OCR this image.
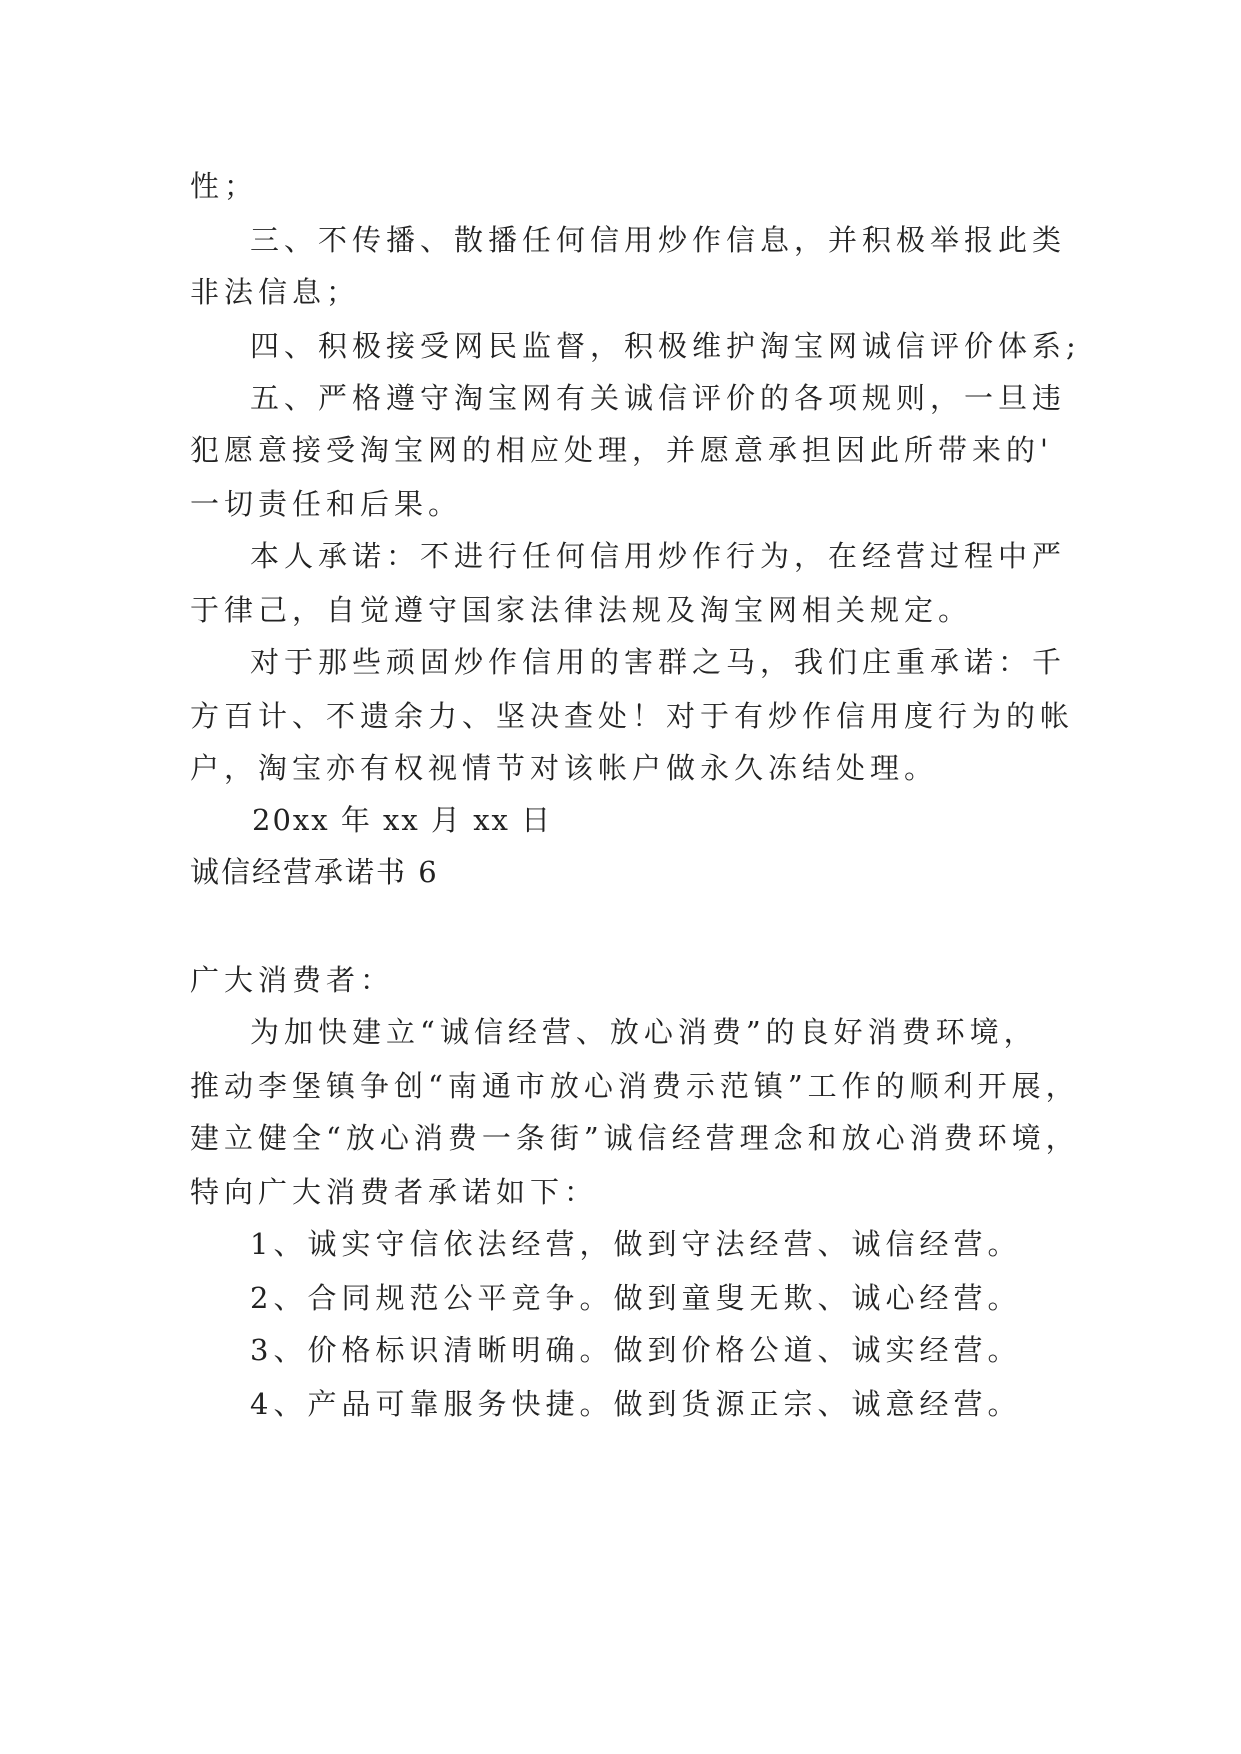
性；
三、不传播、散播任何信用炒作信息，并积极举报此类
非法信息；
四、积极接受网民监督，积极维护淘宝网诚信评价体系;
五、严格遵守淘宝网有关诚信评价的各项规则，一旦违
犯愿意接受淘宝网的相应处理，并愿意承担因此所带来的'
一切责任和后果。
本人承诺：不进行任何信用炒作行为，在经营过程中严
于律己，自觉遵守国家法律法规及淘宝网相关规定。
对于那些顽固炒作信用的害群之马，我们庄重承诺：千
方百计、不遗余力、坚决查处！对于有炒作信用度行为的帐
户，淘宝亦有权视情节对该帐户做永久冻结处理。
20xx 年 xx 月 xx 日
诚信经营承诺书 6
广大消费者：
为加快建立“诚信经营、放心消费”的良好消费环境，
推动李堡镇争创“南通市放心消费示范镇”工作的顺利开展，
建立健全“放心消费一条街”诚信经营理念和放心消费环境，
特向广大消费者承诺如下：
1、诚实守信依法经营，做到守法经营、诚信经营。
2、合同规范公平竞争。做到童叟无欺、诚心经营。
3、价格标识清晰明确。做到价格公道、诚实经营。
4、产品可靠服务快捷。做到货源正宗、诚意经营。
